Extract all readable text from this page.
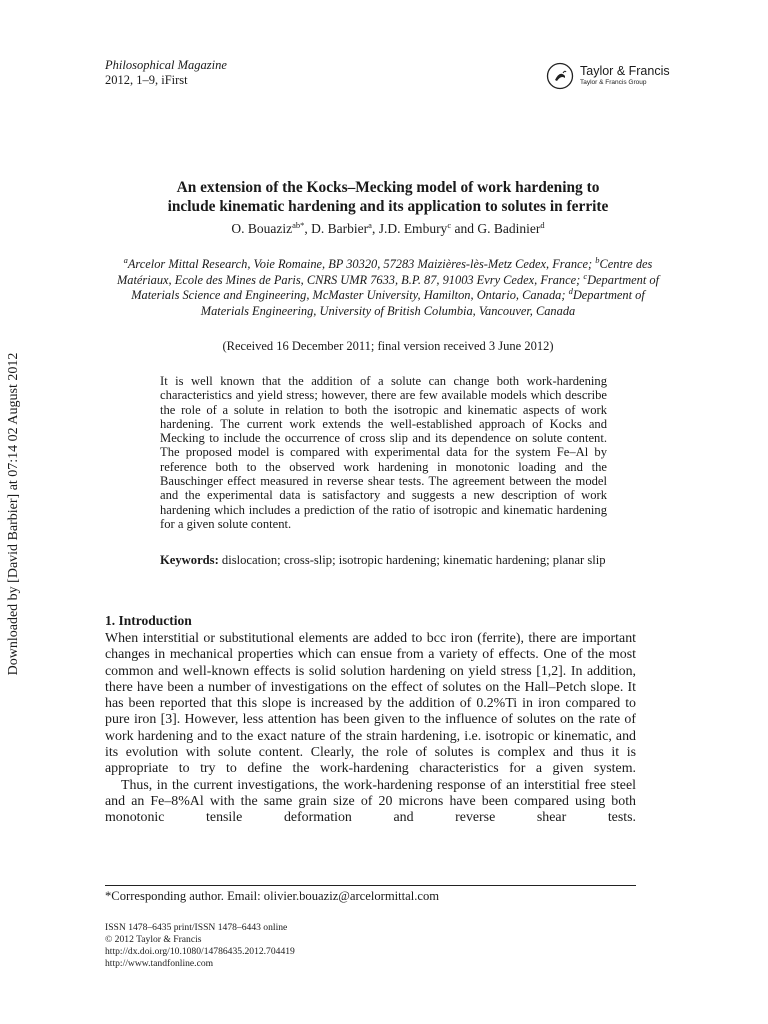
Philosophical Magazine
2012, 1–9, iFirst
Taylor & Francis
Taylor & Francis Group
Downloaded by [David Barbier] at 07:14 02 August 2012
An extension of the Kocks–Mecking model of work hardening to
include kinematic hardening and its application to solutes in ferrite
O. Bouaziz$^{ab*}$, D. Barbier$^a$, J.D. Embury$^c$ and G. Badinier$^d$
$^a$Arcelor Mittal Research, Voie Romaine, BP 30320, 57283 Maizières-lès-Metz Cedex, France; $^b$Centre des Matériaux, Ecole des Mines de Paris, CNRS UMR 7633, B.P. 87, 91003 Evry Cedex, France; $^c$Department of Materials Science and Engineering, McMaster University, Hamilton, Ontario, Canada; $^d$Department of Materials Engineering, University of British Columbia, Vancouver, Canada
(Received 16 December 2011; final version received 3 June 2012)
It is well known that the addition of a solute can change both work-hardening characteristics and yield stress; however, there are few available models which describe the role of a solute in relation to both the isotropic and kinematic aspects of work hardening. The current work extends the well-established approach of Kocks and Mecking to include the occurrence of cross slip and its dependence on solute content. The proposed model is compared with experimental data for the system Fe–Al by reference both to the observed work hardening in monotonic loading and the Bauschinger effect measured in reverse shear tests. The agreement between the model and the experimental data is satisfactory and suggests a new description of work hardening which includes a prediction of the ratio of isotropic and kinematic hardening for a given solute content.
Keywords: dislocation; cross-slip; isotropic hardening; kinematic hardening; planar slip
1. Introduction

When interstitial or substitutional elements are added to bcc iron (ferrite), there are important changes in mechanical properties which can ensue from a variety of effects. One of the most common and well-known effects is solid solution hardening on yield stress [1,2]. In addition, there have been a number of investigations on the effect of solutes on the Hall–Petch slope. It has been reported that this slope is increased by the addition of 0.2%Ti in iron compared to pure iron [3]. However, less attention has been given to the influence of solutes on the rate of work hardening and to the exact nature of the strain hardening, i.e. isotropic or kinematic, and its evolution with solute content. Clearly, the role of solutes is complex and thus it is appropriate to try to define the work-hardening characteristics for a given system.

Thus, in the current investigations, the work-hardening response of an interstitial free steel and an Fe–8%Al with the same grain size of 20 microns have been compared using both monotonic tensile deformation and reverse shear tests.

*Corresponding author. Email: olivier.bouaziz@arcelormittal.com
ISSN 1478–6435 print/ISSN 1478–6443 online
© 2012 Taylor & Francis
http://dx.doi.org/10.1080/14786435.2012.704419
http://www.tandfonline.com
